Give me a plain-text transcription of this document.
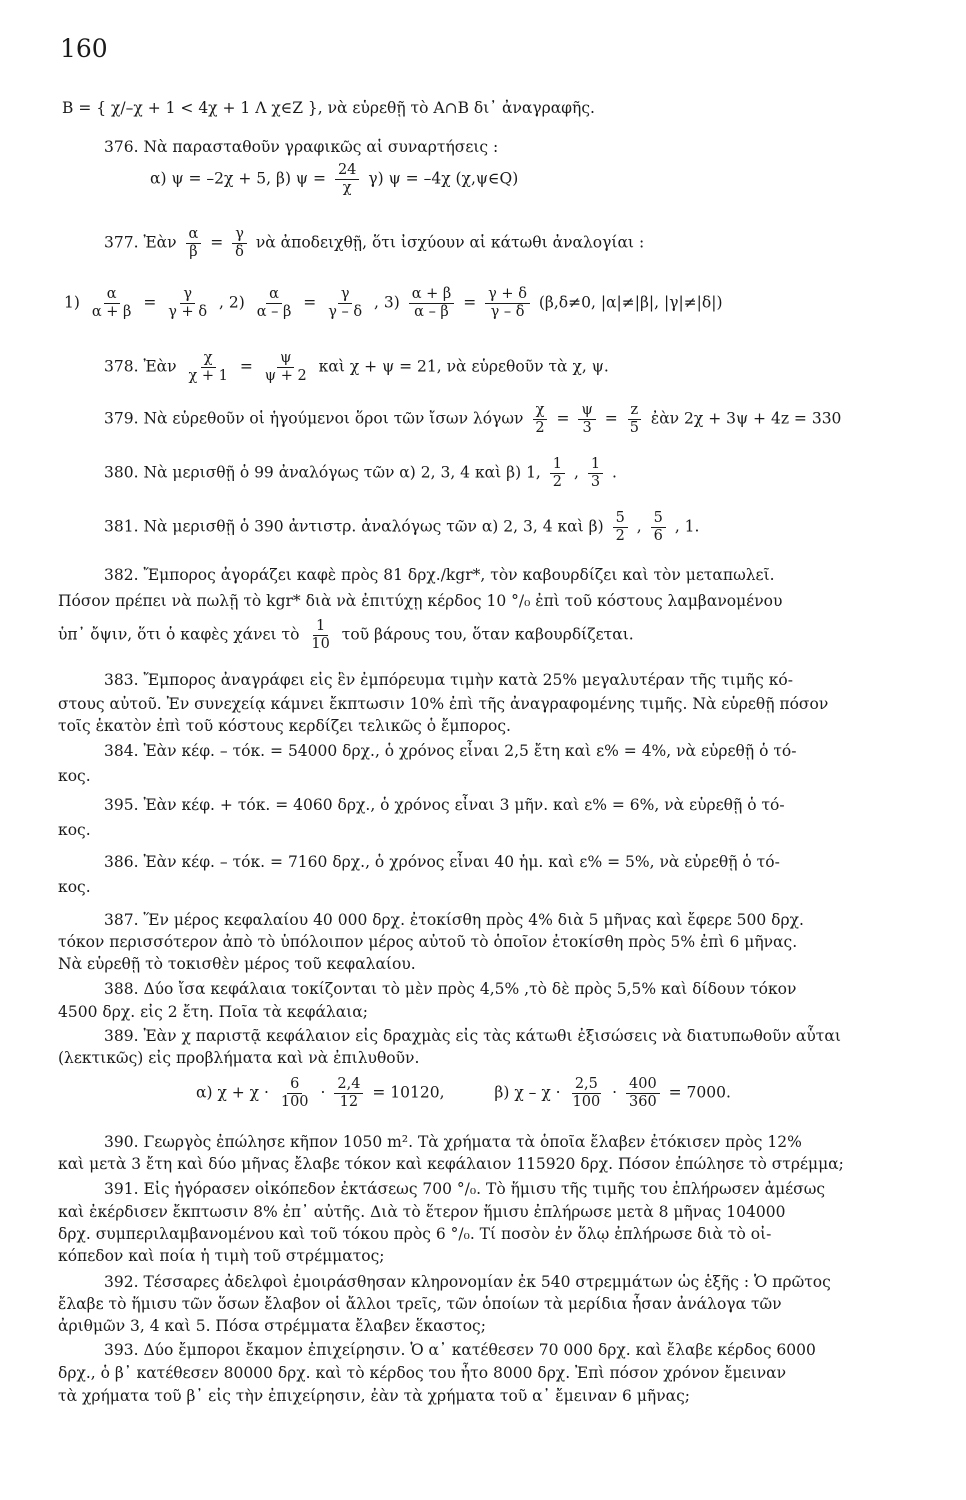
160
Β = { χ/–χ + 1 < 4χ + 1 Λ χ∈Ζ }, νὰ εὑρεθῇ τὸ Α∩Β δι᾽ ἀναγραφῆς.
376. Νὰ παρασταθοῦν γραφικῶς αἱ συναρτήσεις :
α) ψ = –2χ + 5, β) $\psi = \frac{24}{\chi} \gamma$) ψ = –4χ (χ,ψ∈Q)
377. Ἐὰν $\frac{\alpha}{\beta} = \frac{\gamma}{\delta}$ νὰ ἀποδειχθῇ, ὅτι ἰσχύουν αἱ κάτωθι ἀναλογίαι :
$1) \frac{\alpha}{\alpha + \beta} = \frac{\gamma}{\gamma + \delta}$ , $2) \frac{\alpha}{\alpha - \beta} = \frac{\gamma}{\gamma - \delta}$ , $3) \frac{\alpha + \beta}{\alpha - \beta} = \frac{\gamma + \delta}{\gamma - \delta} (\beta,\delta\ne 0$, |α|≠|β|, |γ|≠|δ|)
378. Ἐὰν $\frac{\chi}{\chi + 1} = \frac{\psi}{\psi + 2}$ καὶ χ + ψ = 21, νὰ εὑρεθοῦν τὰ χ, ψ.
379. Νὰ εὑρεθοῦν οἱ ἡγούμενοι ὅροι τῶν ἴσων λόγων $\frac{\chi}{2} = \frac{\psi}{3} = \frac{z}{5}$ ἐὰν 2χ + 3ψ + 4z = 330
380. Νὰ μερισθῇ ὁ 99 ἀναλόγως τῶν α) 2, 3, 4 καὶ β) 1, $\frac{1}{2}$ , $\frac{1}{3}$ .
381. Νὰ μερισθῇ ὁ 390 ἀντιστρ. ἀναλόγως τῶν α) 2, 3, 4 καὶ $\beta) \frac{5}{2}$ , $\frac{5}{6}$ , 1.
382. Ἔμπορος ἀγοράζει καφὲ πρὸς 81 δρχ./kgr*, τὸν καβουρδίζει καὶ τὸν μεταπωλεῖ.
Πόσον πρέπει νὰ πωλῇ τὸ kgr* διὰ νὰ ἐπιτύχῃ κέρδος 10 °/₀ ἐπὶ τοῦ κόστους λαμβανομένου
ὑπ᾽ ὄψιν, ὅτι ὁ καφὲς χάνει τὸ $\frac{1}{10}$ τοῦ βάρους του, ὅταν καβουρδίζεται.
383. Ἔμπορος ἀναγράφει εἰς ἓν ἐμπόρευμα τιμὴν κατὰ 25% μεγαλυτέραν τῆς τιμῆς κό-
στους αὐτοῦ. Ἐν συνεχείᾳ κάμνει ἔκπτωσιν 10% ἐπὶ τῆς ἀναγραφομένης τιμῆς. Νὰ εὑρεθῇ πόσον
τοῖς ἑκατὸν ἐπὶ τοῦ κόστους κερδίζει τελικῶς ὁ ἔμπορος.
384. Ἐὰν κέφ. – τόκ. = 54000 δρχ., ὁ χρόνος εἶναι 2,5 ἔτη καὶ ε% = 4%, νὰ εὑρεθῇ ὁ τό-
κος.
395. Ἐὰν κέφ. + τόκ. = 4060 δρχ., ὁ χρόνος εἶναι 3 μῆν. καὶ ε% = 6%, νὰ εὑρεθῇ ὁ τό-
κος.
386. Ἐὰν κέφ. – τόκ. = 7160 δρχ., ὁ χρόνος εἶναι 40 ἡμ. καὶ ε% = 5%, νὰ εὑρεθῇ ὁ τό-
κος.
387. Ἕν μέρος κεφαλαίου 40 000 δρχ. ἐτοκίσθη πρὸς 4% διὰ 5 μῆνας καὶ ἔφερε 500 δρχ.
τόκον περισσότερον ἀπὸ τὸ ὑπόλοιπον μέρος αὐτοῦ τὸ ὁποῖον ἐτοκίσθη πρὸς 5% ἐπὶ 6 μῆνας.
Νὰ εὑρεθῇ τὸ τοκισθὲν μέρος τοῦ κεφαλαίου.
388. Δύο ἴσα κεφάλαια τοκίζονται τὸ μὲν πρὸς 4,5% ,τὸ δὲ πρὸς 5,5% καὶ δίδουν τόκον
4500 δρχ. εἰς 2 ἔτη. Ποῖα τὰ κεφάλαια;
389. Ἐὰν χ παριστᾷ κεφάλαιον εἰς δραχμὰς εἰς τὰς κάτωθι ἐξισώσεις νὰ διατυπωθοῦν αὗται
(λεκτικῶς) εἰς προβλήματα καὶ νὰ ἐπιλυθοῦν.
α) $\chi + \chi \cdot \frac{6}{100} \cdot \frac{2,4}{12} = 10120$,	β) $\chi - \chi \cdot \frac{2,5}{100} \cdot \frac{400}{360} = 7000$.
390. Γεωργὸς ἐπώλησε κῆπον 1050 m². Τὰ χρήματα τὰ ὁποῖα ἔλαβεν ἐτόκισεν πρὸς 12%
καὶ μετὰ 3 ἔτη καὶ δύο μῆνας ἔλαβε τόκον καὶ κεφάλαιον 115920 δρχ. Πόσον ἐπώλησε τὸ στρέμμα;
391. Εἰς ἠγόρασεν οἰκόπεδον ἐκτάσεως 700 °/₀. Τὸ ἥμισυ τῆς τιμῆς του ἐπλήρωσεν ἀμέσως
καὶ ἐκέρδισεν ἔκπτωσιν 8% ἐπ᾽ αὐτῆς. Διὰ τὸ ἕτερον ἥμισυ ἐπλήρωσε μετὰ 8 μῆνας 104000
δρχ. συμπεριλαμβανομένου καὶ τοῦ τόκου πρὸς 6 °/₀. Τί ποσὸν ἐν ὅλῳ ἐπλήρωσε διὰ τὸ οἰ-
κόπεδον καὶ ποία ἡ τιμὴ τοῦ στρέμματος;
392. Τέσσαρες ἀδελφοὶ ἐμοιράσθησαν κληρονομίαν ἐκ 540 στρεμμάτων ὡς ἑξῆς : Ὁ πρῶτος
ἔλαβε τὸ ἥμισυ τῶν ὅσων ἔλαβον οἱ ἄλλοι τρεῖς, τῶν ὁποίων τὰ μερίδια ἦσαν ἀνάλογα τῶν
ἀριθμῶν 3, 4 καὶ 5. Πόσα στρέμματα ἔλαβεν ἕκαστος;
393. Δύο ἔμποροι ἔκαμον ἐπιχείρησιν. Ὁ α᾽ κατέθεσεν 70 000 δρχ. καὶ ἔλαβε κέρδος 6000
δρχ., ὁ β᾽ κατέθεσεν 80000 δρχ. καὶ τὸ κέρδος του ἦτο 8000 δρχ. Ἐπὶ πόσον χρόνον ἔμειναν
τὰ χρήματα τοῦ β᾽ εἰς τὴν ἐπιχείρησιν, ἐὰν τὰ χρήματα τοῦ α᾽ ἔμειναν 6 μῆνας;
